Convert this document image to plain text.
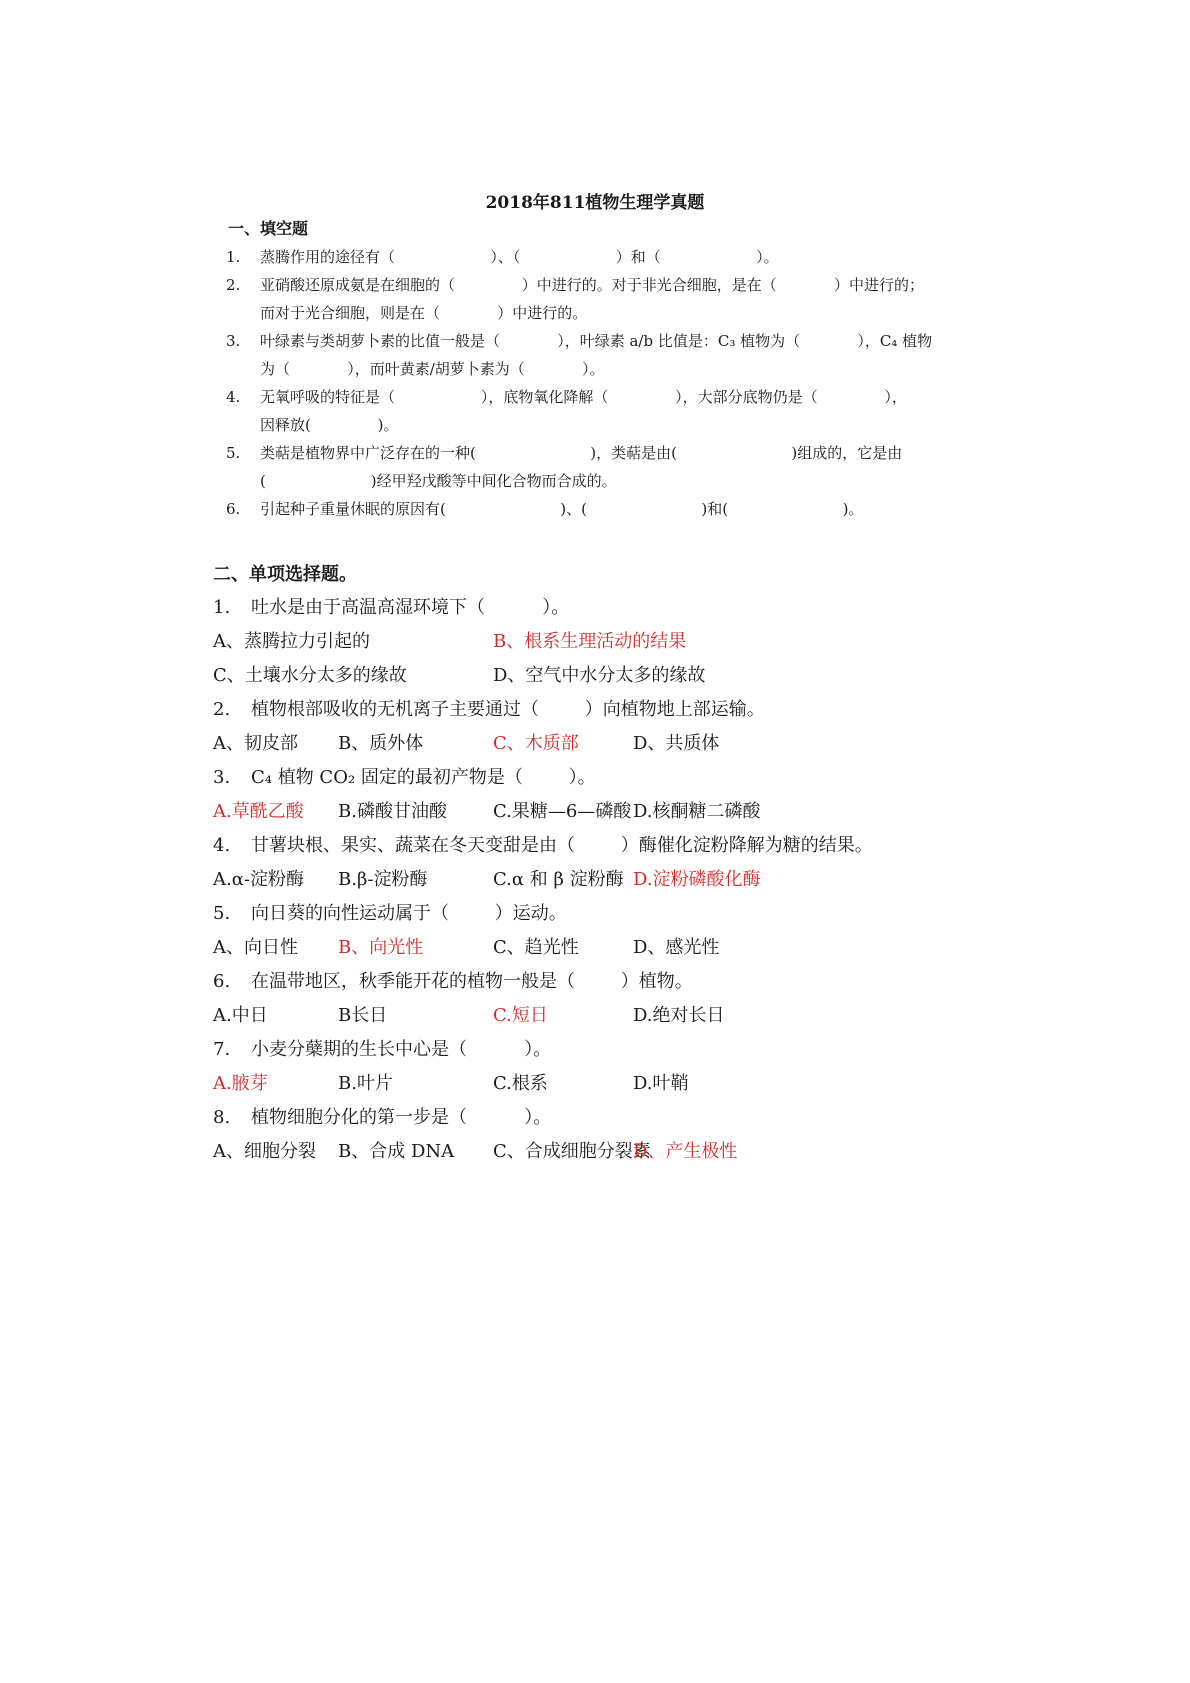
2018年811植物生理学真题
一、填空题
1. 蒸腾作用的途径有（                    ）、（                    ）和（                    ）。
2. 亚硝酸还原成氨是在细胞的（              ）中进行的。对于非光合细胞，是在（            ）中进行的；
而对于光合细胞，则是在（            ）中进行的。
3. 叶绿素与类胡萝卜素的比值一般是（            ），叶绿素 a/b 比值是：C₃ 植物为（            ），C₄ 植物
为（            ），而叶黄素/胡萝卜素为（            ）。
4. 无氧呼吸的特征是（                  ），底物氧化降解（              ），大部分底物仍是（              ），
因释放(              )。
5. 类萜是植物界中广泛存在的一种(                        )，类萜是由(                        )组成的，它是由
(                      )经甲羟戊酸等中间化合物而合成的。
6. 引起种子重量休眠的原因有(                        )、(                        )和(                        )。
二、单项选择题。
1. 吐水是由于高温高湿环境下（          ）。
A、蒸腾拉力引起的	B、根系生理活动的结果
C、土壤水分太多的缘故	D、空气中水分太多的缘故
2. 植物根部吸收的无机离子主要通过（        ）向植物地上部运输。
A、韧皮部 B、质外体	C、木质部	D、共质体
3. C₄ 植物 CO₂ 固定的最初产物是（        ）。
A.草酰乙酸 B.磷酸甘油酸	C.果糖—6—磷酸 D.核酮糖二磷酸
4. 甘薯块根、果实、蔬菜在冬天变甜是由（        ）酶催化淀粉降解为糖的结果。
A.α-淀粉酶 B.β-淀粉酶	C.α 和 β 淀粉酶 D.淀粉磷酸化酶
5. 向日葵的向性运动属于（        ）运动。
A、向日性 B、向光性	C、趋光性	D、感光性
6. 在温带地区，秋季能开花的植物一般是（        ）植物。
A.中日	B长日	C.短日	D.绝对长日
7. 小麦分蘖期的生长中心是（          ）。
A.腋芽	B.叶片	C.根系	D.叶鞘
8. 植物细胞分化的第一步是（          ）。
A、细胞分裂 B、合成 DNA C、合成细胞分裂素
D、产生极性
